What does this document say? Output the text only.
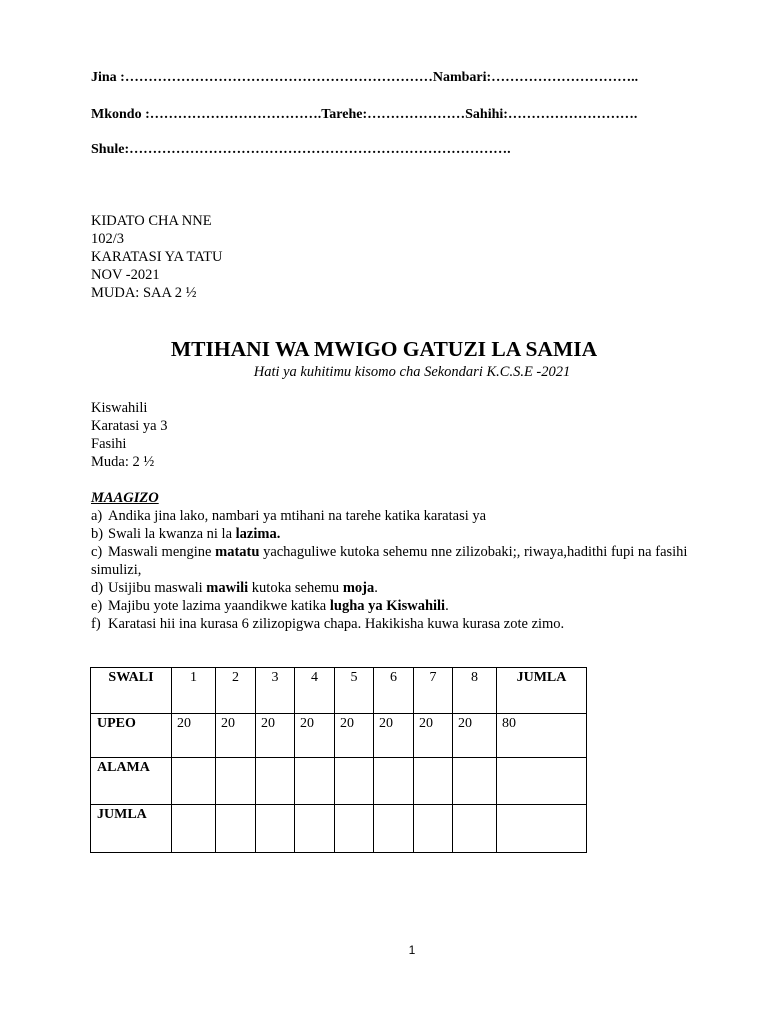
Jina :…………………………………………………………Nambari:…………………………..
Mkondo :……………………………….Tarehe:…………………Sahihi:……………………….
Shule:……………………………………………………………………….
KIDATO CHA NNE
102/3
KARATASI YA TATU
NOV -2021
MUDA: SAA 2 ½
MTIHANI WA MWIGO GATUZI LA SAMIA
Hati ya kuhitimu kisomo cha Sekondari K.C.S.E -2021
Kiswahili
Karatasi ya 3
Fasihi
Muda: 2 ½
MAAGIZO
a) Andika jina lako, nambari ya mtihani na tarehe katika karatasi ya
b) Swali la kwanza ni la lazima.
c) Maswali mengine matatu yachaguliwe kutoka sehemu nne zilizobaki;, riwaya,hadithi fupi na fasihi
simulizi,
d) Usijibu maswali mawili kutoka sehemu moja.
e) Majibu yote lazima yaandikwe katika lugha ya Kiswahili.
f) Karatasi hii ina kurasa 6 zilizopigwa chapa. Hakikisha kuwa kurasa zote zimo.
SWALI	1	2	3	4	5	6	7	8	JUMLA
UPEO	20	20	20	20	20	20	20	20	80
ALAMA									
JUMLA									
1
